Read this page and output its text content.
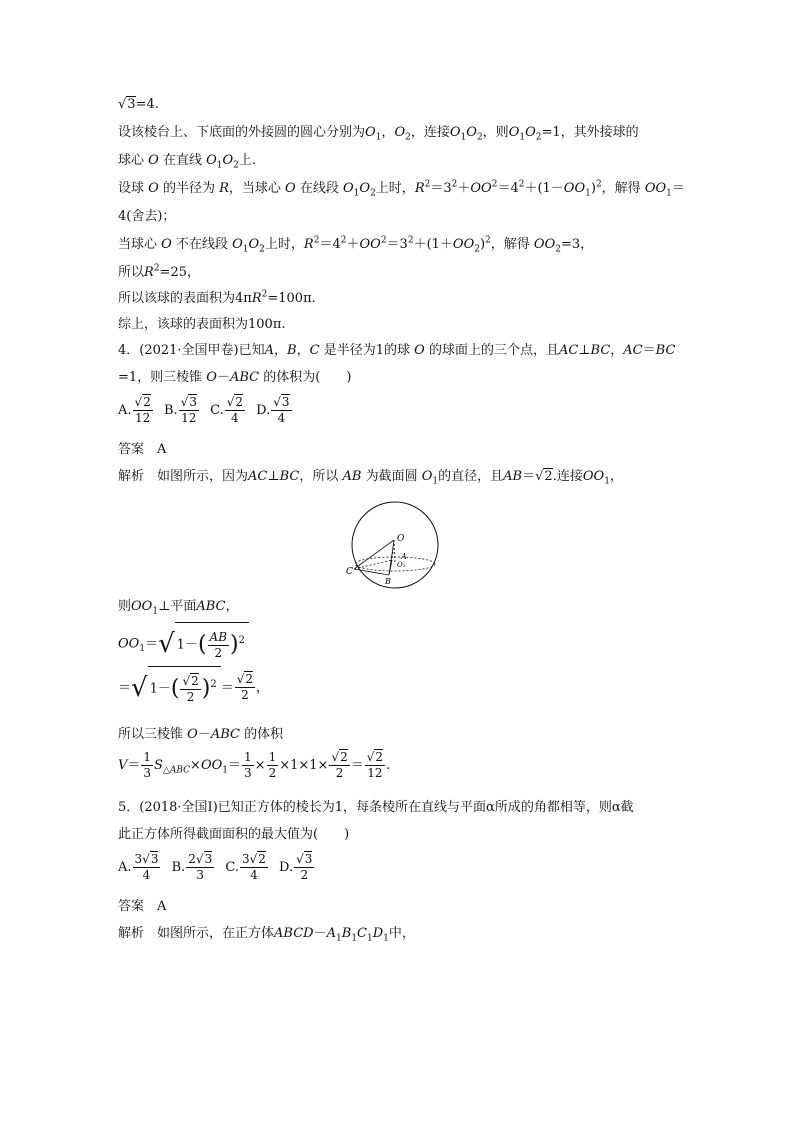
√3=4.
设该棱台上、下底面的外接圆的圆心分别为$O_1$，$O_2$，连接$O_1O_2$，则$O_1O_2=1$，其外接球的
球心 O 在直线 $O_1O_2$上.
设球 O 的半径为 R，当球心 O 在线段 $O_1O_2$上时，$R^2=3^2+OO^2=4^2+(1-OO_1)^2$，解得 $OO_1=$
4(舍去)；
当球心 O 不在线段 $O_1O_2$上时，$R^2=4^2+OO^2=3^2+(1+OO_2)^2$，解得 $OO_2=3$，
所以$R^2=25$，
所以该球的表面积为$4\pi R^2=100\pi$.
综上，该球的表面积为100π.
4．(2021·全国甲卷)已知A，B，C 是半径为1的球 O 的球面上的三个点，且AC⊥BC，AC＝BC
=1，则三棱锥 O－ABC 的体积为(　　)
A. $\frac{√2}{12} B$. $\frac{√3}{12} C$. $\frac{√2}{4} D$. $\frac{√3}{4}$
答案　 A
解析　 如图所示，因为AC⊥BC，所以 AB 为截面圆 $O_1$的直径，且AB＝√2.连接$OO_1$，
O
A
O₁
C
B
则$OO_1\perp$平面ABC，
$OO_1=√$ $1-( \frac{AB}{2} )^2$
＝√ $1-( \frac{√2}{2} )^2 = \frac{√2}{2}$ ，
所以三棱锥 O－ABC 的体积
$V= \frac{1}{3} S_{\triangle ABC}\times OO_1= \frac{1}{3} \times \frac{1}{2} \times 1\times 1\times \frac{√2}{2} = \frac{√2}{12}$ .
5．(2018·全国Ⅰ)已知正方体的棱长为1，每条棱所在直线与平面α所成的角都相等，则α截
此正方体所得截面面积的最大值为(　　)
A. $\frac{3√3}{4} B$. $\frac{2√3}{3} C$. $\frac{3√2}{4} D$. $\frac{√3}{2}$
答案　 A
解析　 如图所示，在正方体$ABCD-A_1B_1C_1D_1$中，
